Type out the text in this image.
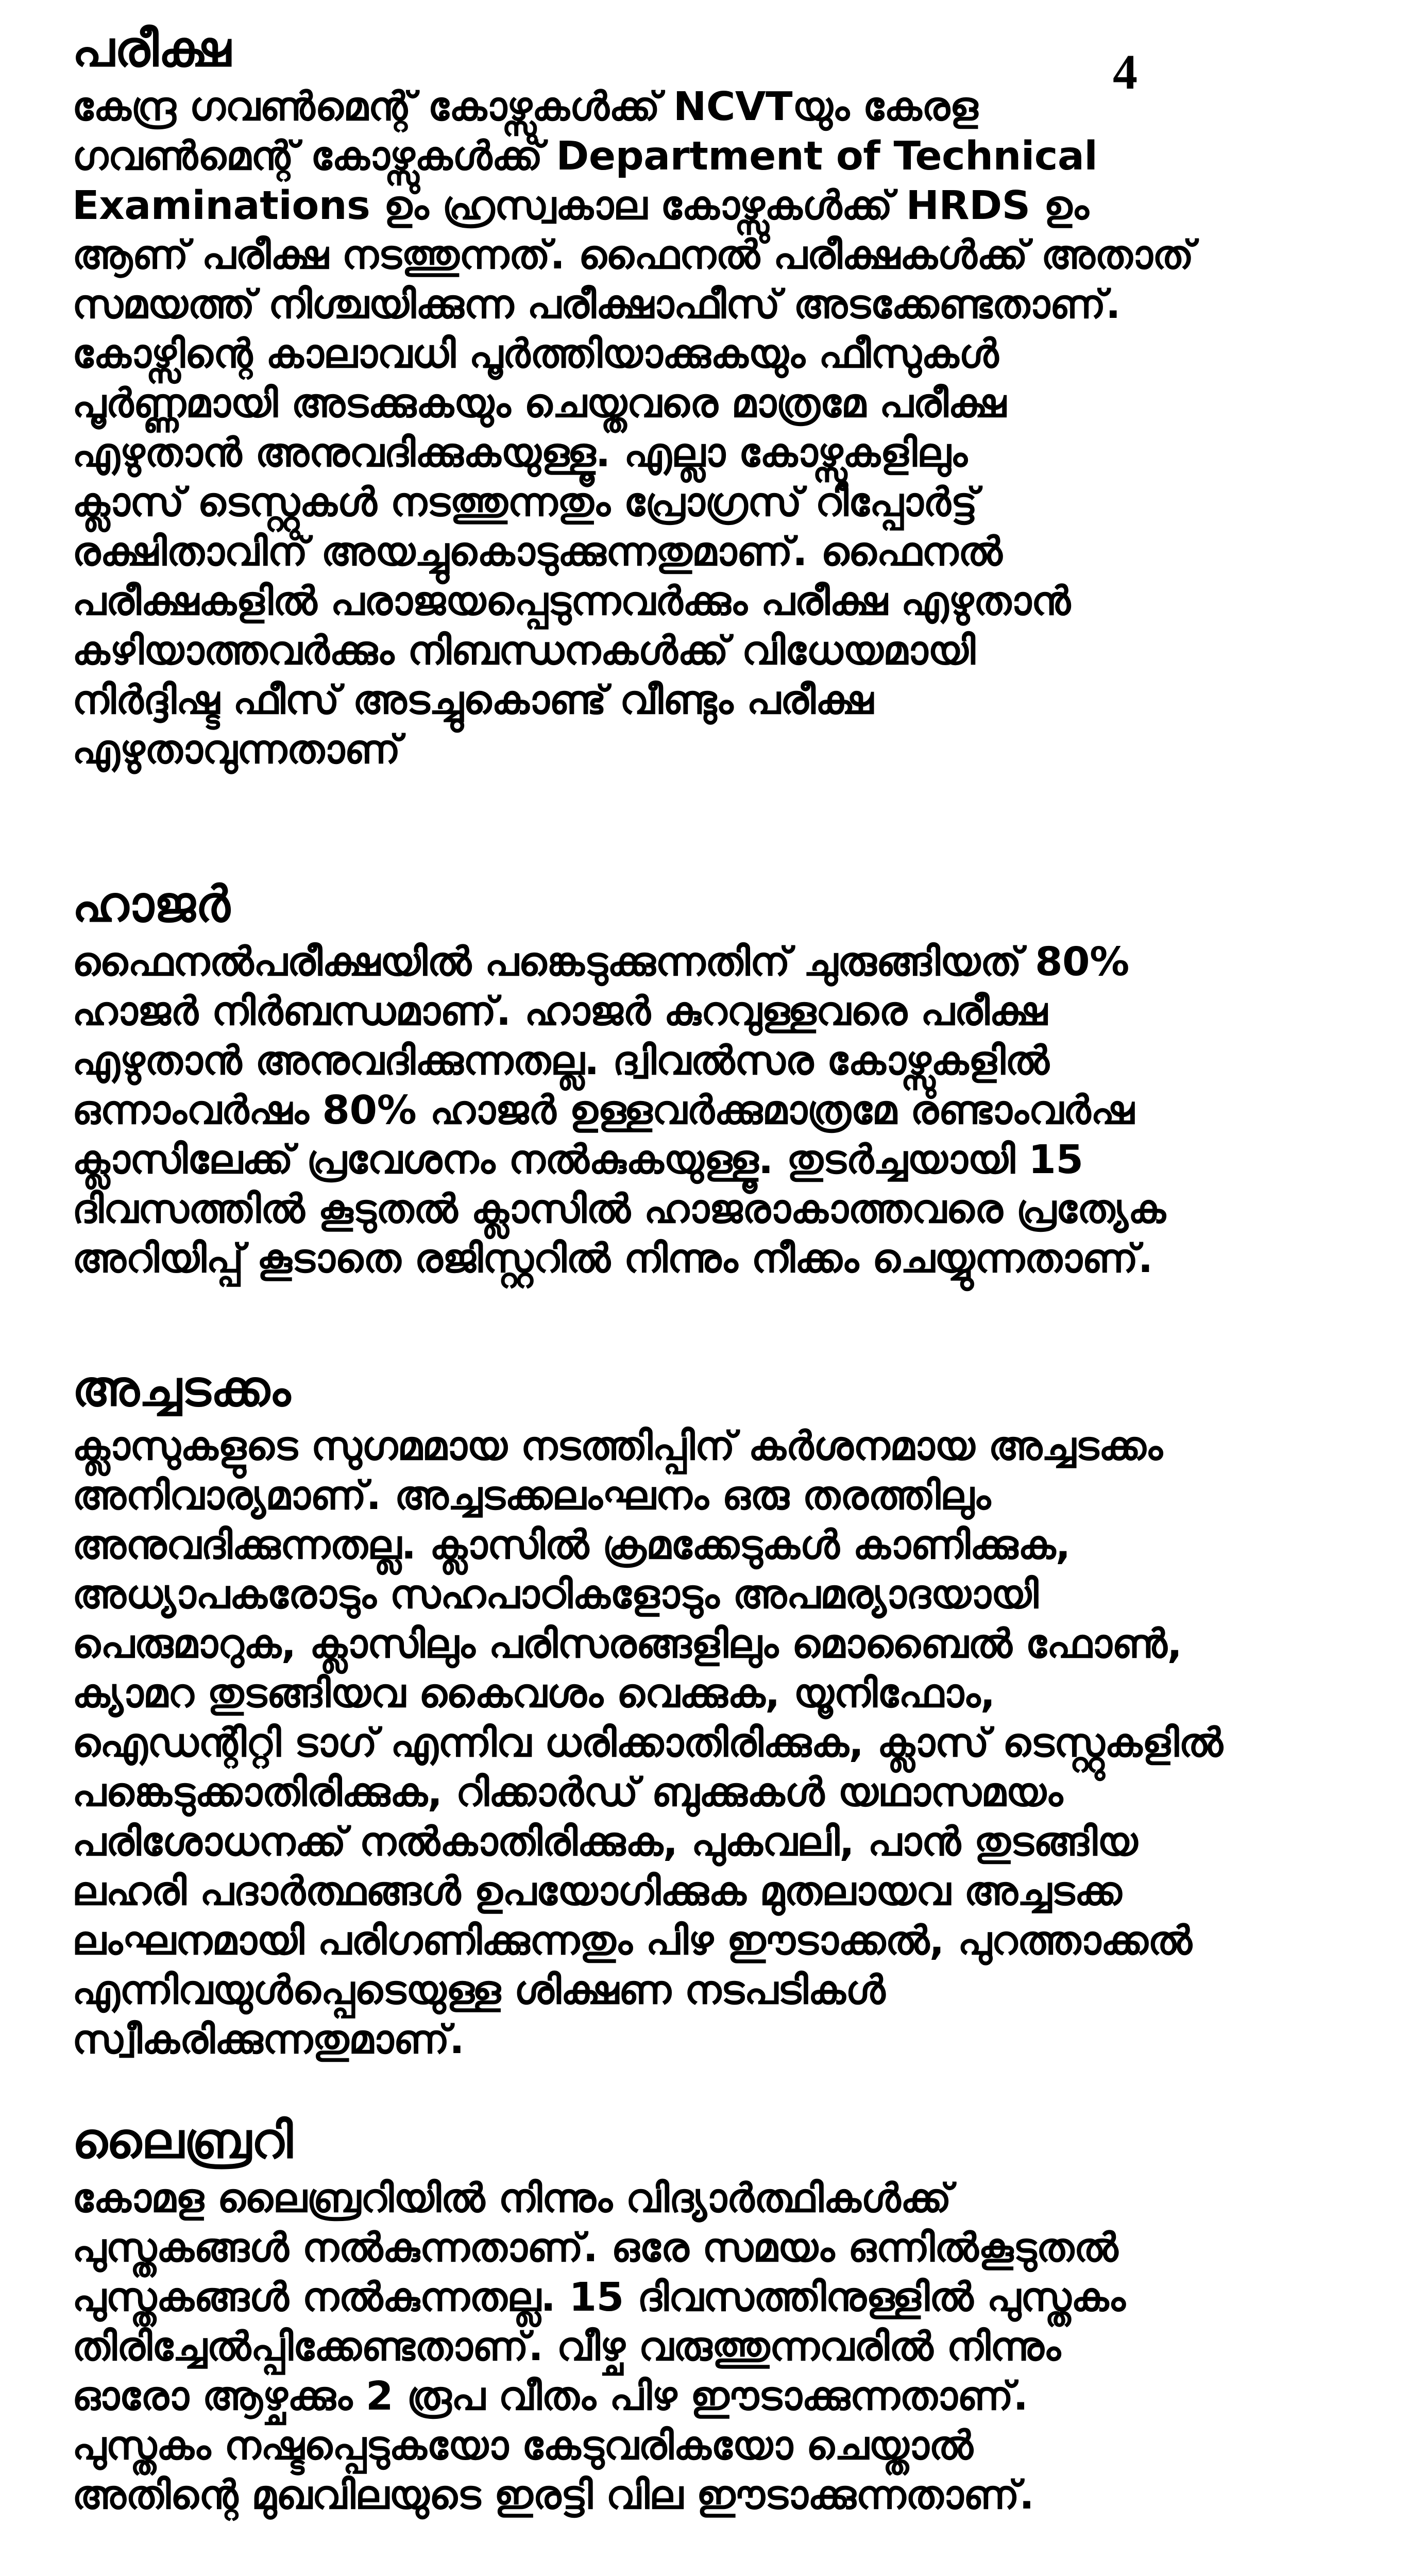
4
പരീക്ഷ
കേന്ദ്ര ഗവൺമെന്റ് കോഴ്സുകൾക്ക് NCVTയും കേരള
ഗവൺമെന്റ് കോഴ്സുകൾക്ക് Department of Technical
Examinations ഉം ഹ്രസ്വകാല കോഴ്സുകൾക്ക് HRDS ഉം
ആണ് പരീക്ഷ നടത്തുന്നത്. ഫൈനൽ പരീക്ഷകൾക്ക് അതാത്
സമയത്ത് നിശ്ചയിക്കുന്ന പരീക്ഷാഫീസ് അടക്കേണ്ടതാണ്.
കോഴ്സിന്റെ കാലാവധി പൂർത്തിയാക്കുകയും ഫീസുകൾ
പൂർണ്ണമായി അടക്കുകയും ചെയ്തവരെ മാത്രമേ പരീക്ഷ
എഴുതാൻ അനുവദിക്കുകയുള്ളൂ. എല്ലാ കോഴ്സുകളിലും
ക്ലാസ് ടെസ്റ്റുകൾ നടത്തുന്നതും പ്രോഗ്രസ് റിപ്പോർട്ട്
രക്ഷിതാവിന് അയച്ചുകൊടുക്കുന്നതുമാണ്. ഫൈനൽ
പരീക്ഷകളിൽ പരാജയപ്പെടുന്നവർക്കും പരീക്ഷ എഴുതാൻ
കഴിയാത്തവർക്കും നിബന്ധനകൾക്ക് വിധേയമായി
നിർദ്ദിഷ്ട ഫീസ് അടച്ചുകൊണ്ട് വീണ്ടും പരീക്ഷ
എഴുതാവുന്നതാണ്
ഹാജർ
ഫൈനൽപരീക്ഷയിൽ പങ്കെടുക്കുന്നതിന് ചുരുങ്ങിയത് 80%
ഹാജർ നിർബന്ധമാണ്. ഹാജർ കുറവുള്ളവരെ പരീക്ഷ
എഴുതാൻ അനുവദിക്കുന്നതല്ല. ദ്വിവൽസര കോഴ്സുകളിൽ
ഒന്നാംവർഷം 80% ഹാജർ ഉള്ളവർക്കുമാത്രമേ രണ്ടാംവർഷ
ക്ലാസിലേക്ക് പ്രവേശനം നൽകുകയുള്ളൂ. തുടർച്ചയായി 15
ദിവസത്തിൽ കൂടുതൽ ക്ലാസിൽ ഹാജരാകാത്തവരെ പ്രത്യേക
അറിയിപ്പ് കൂടാതെ രജിസ്റ്ററിൽ നിന്നും നീക്കം ചെയ്യുന്നതാണ്.
അച്ചടക്കം
ക്ലാസുകളുടെ സുഗമമായ നടത്തിപ്പിന് കർശനമായ അച്ചടക്കം
അനിവാര്യമാണ്. അച്ചടക്കലംഘനം ഒരു തരത്തിലും
അനുവദിക്കുന്നതല്ല. ക്ലാസിൽ ക്രമക്കേടുകൾ കാണിക്കുക,
അധ്യാപകരോടും സഹപാഠികളോടും അപമര്യാദയായി
പെരുമാറുക, ക്ലാസിലും പരിസരങ്ങളിലും മൊബൈൽ ഫോൺ,
ക്യാമറ തുടങ്ങിയവ കൈവശം വെക്കുക, യൂനിഫോം,
ഐഡന്റിറ്റി ടാഗ് എന്നിവ ധരിക്കാതിരിക്കുക, ക്ലാസ് ടെസ്റ്റുകളിൽ
പങ്കെടുക്കാതിരിക്കുക, റിക്കാർഡ് ബുക്കുകൾ യഥാസമയം
പരിശോധനക്ക് നൽകാതിരിക്കുക, പുകവലി, പാൻ തുടങ്ങിയ
ലഹരി പദാർത്ഥങ്ങൾ ഉപയോഗിക്കുക മുതലായവ അച്ചടക്ക
ലംഘനമായി പരിഗണിക്കുന്നതും പിഴ ഈടാക്കൽ, പുറത്താക്കൽ
എന്നിവയുൾപ്പെടെയുള്ള ശിക്ഷണ നടപടികൾ
സ്വീകരിക്കുന്നതുമാണ്.
ലൈബ്രറി
കോമള ലൈബ്രറിയിൽ നിന്നും വിദ്യാർത്ഥികൾക്ക്
പുസ്തകങ്ങൾ നൽകുന്നതാണ്. ഒരേ സമയം ഒന്നിൽകൂടുതൽ
പുസ്തകങ്ങൾ നൽകുന്നതല്ല. 15 ദിവസത്തിനുള്ളിൽ പുസ്തകം
തിരിച്ചേൽപ്പിക്കേണ്ടതാണ്. വീഴ്ച വരുത്തുന്നവരിൽ നിന്നും
ഓരോ ആഴ്ചക്കും 2 രൂപ വീതം പിഴ ഈടാക്കുന്നതാണ്.
പുസ്തകം നഷ്ടപ്പെടുകയോ കേടുവരികയോ ചെയ്താൽ
അതിന്റെ മുഖവിലയുടെ ഇരട്ടി വില ഈടാക്കുന്നതാണ്.
